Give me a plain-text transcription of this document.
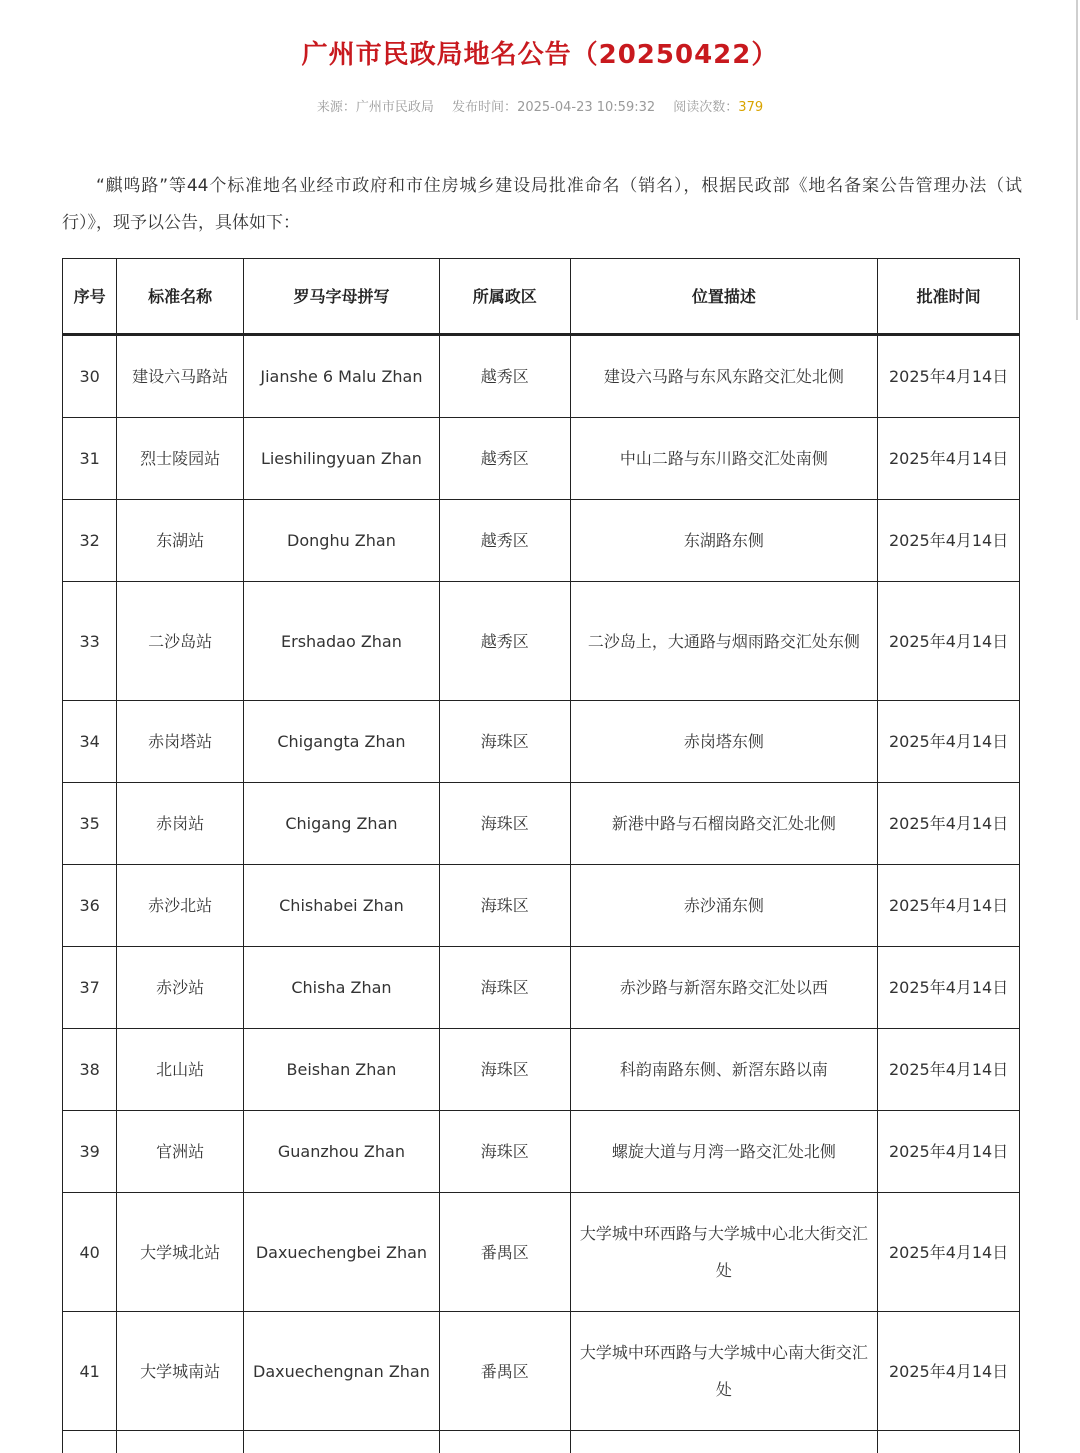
广州市民政局地名公告（20250422）
来源：广州市民政局 发布时间：2025-04-23 10:59:32 阅读次数：379

“麒鸣路”等44个标准地名业经市政府和市住房城乡建设局批准命名（销名），根据民政部《地名备案公告管理办法（试行）》，现予以公告，具体如下：

序号	标准名称	罗马字母拼写	所属政区	位置描述	批准时间
30	建设六马路站	Jianshe 6 Malu Zhan	越秀区	建设六马路与东风东路交汇处北侧	2025年4月14日
31	烈士陵园站	Lieshilingyuan Zhan	越秀区	中山二路与东川路交汇处南侧	2025年4月14日
32	东湖站	Donghu Zhan	越秀区	东湖路东侧	2025年4月14日
33	二沙岛站	Ershadao Zhan	越秀区	二沙岛上，大通路与烟雨路交汇处东侧	2025年4月14日
34	赤岗塔站	Chigangta Zhan	海珠区	赤岗塔东侧	2025年4月14日
35	赤岗站	Chigang Zhan	海珠区	新港中路与石榴岗路交汇处北侧	2025年4月14日
36	赤沙北站	Chishabei Zhan	海珠区	赤沙涌东侧	2025年4月14日
37	赤沙站	Chisha Zhan	海珠区	赤沙路与新滘东路交汇处以西	2025年4月14日
38	北山站	Beishan Zhan	海珠区	科韵南路东侧、新滘东路以南	2025年4月14日
39	官洲站	Guanzhou Zhan	海珠区	螺旋大道与月湾一路交汇处北侧	2025年4月14日
40	大学城北站	Daxuechengbei Zhan	番禺区	大学城中环西路与大学城中心北大街交汇处	2025年4月14日
41	大学城南站	Daxuechengnan Zhan	番禺区	大学城中环西路与大学城中心南大街交汇处	2025年4月14日
